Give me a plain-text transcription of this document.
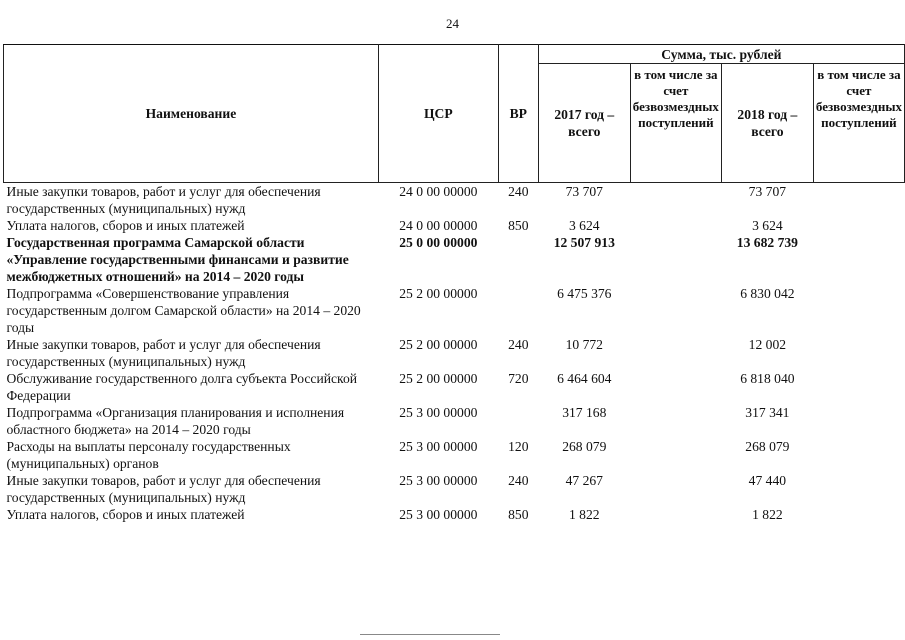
24
Наименование	ЦСР	ВР	Сумма, тыс. рублей			
			2017 год – всего	в том числе за счет безвозмездных поступлений	2018 год – всего	в том числе за счет безвозмездных поступлений
Иные закупки товаров, работ и услуг для обеспечения государственных (муниципальных) нужд	24 0 00 00000	240	73 707		73 707	
Уплата налогов, сборов и иных платежей	24 0 00 00000	850	3 624		3 624	
Государственная программа Самарской области «Управление государственными финансами и развитие межбюджетных отношений» на 2014 – 2020 годы	25 0 00 00000		12 507 913		13 682 739	
Подпрограмма «Совершенствование управления государственным долгом Самарской области» на 2014 – 2020 годы	25 2 00 00000		6 475 376		6 830 042	
Иные закупки товаров, работ и услуг для обеспечения государственных (муниципальных) нужд	25 2 00 00000	240	10 772		12 002	
Обслуживание государственного долга субъекта Российской Федерации	25 2 00 00000	720	6 464 604		6 818 040	
Подпрограмма «Организация планирования и исполнения областного бюджета» на 2014 – 2020 годы	25 3 00 00000		317 168		317 341	
Расходы на выплаты персоналу государственных (муниципальных) органов	25 3 00 00000	120	268 079		268 079	
Иные закупки товаров, работ и услуг для обеспечения государственных (муниципальных) нужд	25 3 00 00000	240	47 267		47 440	
Уплата налогов, сборов и иных платежей	25 3 00 00000	850	1 822		1 822	
